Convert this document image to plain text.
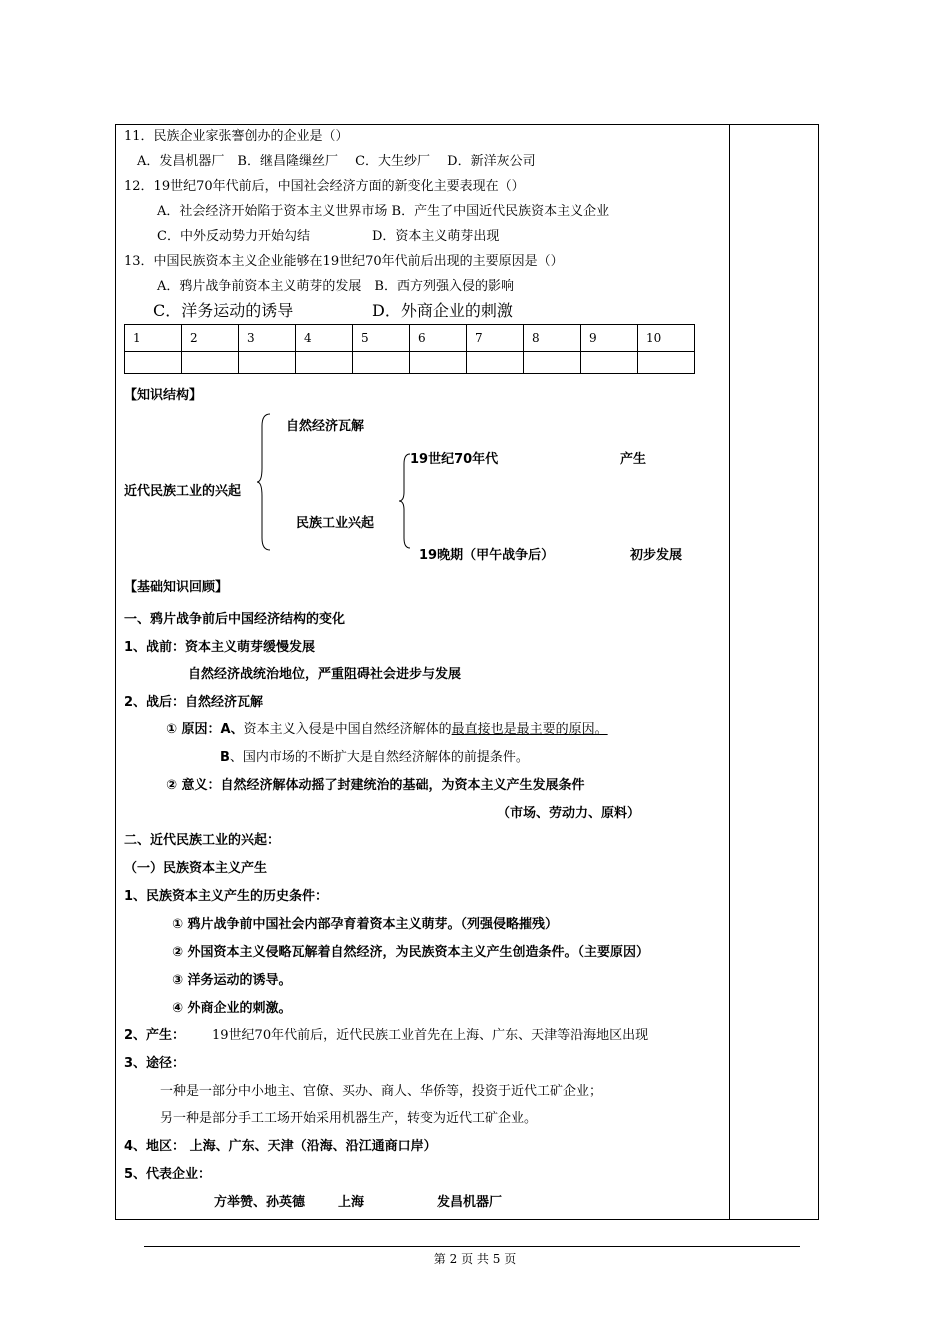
11．民族企业家张謇创办的企业是（）
A．发昌机器厂　B．继昌隆缫丝厂　 C．大生纱厂　 D．新洋灰公司
12．19世纪70年代前后，中国社会经济方面的新变化主要表现在（）
A．社会经济开始陷于资本主义世界市场 B．产生了中国近代民族资本主义企业
C．中外反动势力开始勾结	D．资本主义萌芽出现
13．中国民族资本主义企业能够在19世纪70年代前后出现的主要原因是（）
A．鸦片战争前资本主义萌芽的发展　B．西方列强入侵的影响
C．洋务运动的诱导	D．外商企业的刺激
1	2	3	4	5	6	7	8	9	10

【知识结构】
近代民族工业的兴起
自然经济瓦解
民族工业兴起
19世纪70年代	产生
19晚期（甲午战争后）	初步发展
【基础知识回顾】
一、鸦片战争前后中国经济结构的变化
1、战前：资本主义萌芽缓慢发展
自然经济战统治地位，严重阻碍社会进步与发展
2、战后：自然经济瓦解
① 原因：A、资本主义入侵是中国自然经济解体的最直接也是最主要的原因。
B、国内市场的不断扩大是自然经济解体的前提条件。
② 意义：自然经济解体动摇了封建统治的基础，为资本主义产生发展条件
（市场、劳动力、原料）
二、近代民族工业的兴起：
（一）民族资本主义产生
1、民族资本主义产生的历史条件：
① 鸦片战争前中国社会内部孕育着资本主义萌芽。（列强侵略摧残）
② 外国资本主义侵略瓦解着自然经济，为民族资本主义产生创造条件。（主要原因）
③ 洋务运动的诱导。
④ 外商企业的刺激。
2、产生： 19世纪70年代前后，近代民族工业首先在上海、广东、天津等沿海地区出现
3、途径：
一种是一部分中小地主、官僚、买办、商人、华侨等，投资于近代工矿企业；
另一种是部分手工工场开始采用机器生产，转变为近代工矿企业。
4、地区： 上海、广东、天津（沿海、沿江通商口岸）
5、代表企业：
方举赞、孙英德	上海	发昌机器厂
第 2 页 共 5 页
